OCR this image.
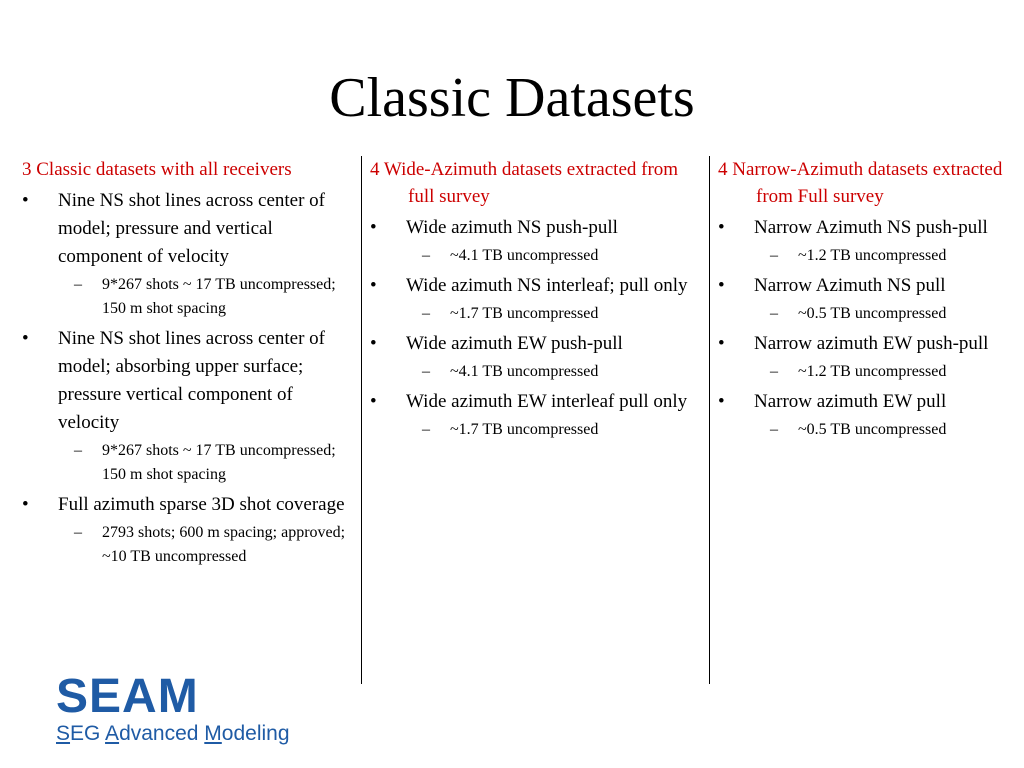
Classic Datasets
3 Classic datasets with all receivers
• Nine NS shot lines across center of model; pressure and vertical component of velocity
– 9*267 shots ~ 17 TB uncompressed; 150 m shot spacing
• Nine NS shot lines across center of model; absorbing upper surface; pressure vertical component of velocity
– 9*267 shots ~ 17 TB uncompressed; 150 m shot spacing
• Full azimuth sparse 3D shot coverage
– 2793 shots; 600 m spacing; approved; ~10 TB uncompressed
4 Wide-Azimuth datasets extracted from full survey
• Wide azimuth NS push-pull
– ~4.1 TB uncompressed
• Wide azimuth NS interleaf; pull only
– ~1.7 TB uncompressed
• Wide azimuth EW push-pull
– ~4.1 TB uncompressed
• Wide azimuth EW interleaf pull only
– ~1.7 TB uncompressed
4 Narrow-Azimuth datasets extracted from Full survey
• Narrow Azimuth NS push-pull
– ~1.2 TB uncompressed
• Narrow Azimuth NS pull
– ~0.5 TB uncompressed
• Narrow azimuth EW push-pull
– ~1.2 TB uncompressed
• Narrow azimuth EW pull
– ~0.5 TB uncompressed
SEAM
SEG Advanced Modeling
